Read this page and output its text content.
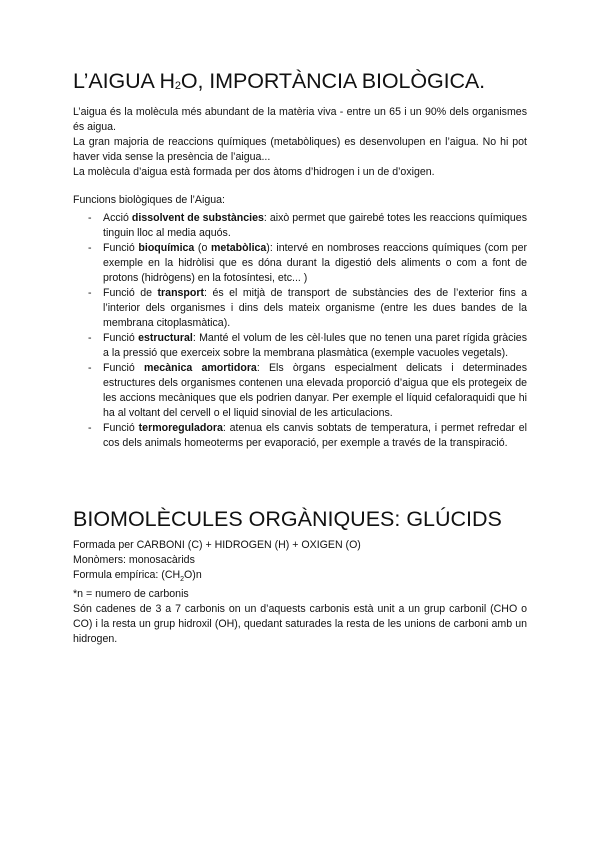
L’AIGUA $H_2O$, IMPORTÀNCIA BIOLÒGICA.

L’aigua és la molècula més abundant de la matèria viva - entre un 65 i un 90% dels organismes és aigua.

La gran majoria de reaccions químiques (metabòliques) es desenvolupen en l’aigua. No hi pot haver vida sense la presència de l’aigua...

La molècula d’aigua està formada per dos àtoms d’hidrogen i un de d’oxigen.

Funcions biològiques de l’Aigua:

- Acció dissolvent de substàncies: això permet que gairebé totes les reaccions químiques tinguin lloc al media aquós.
- Funció bioquímica (o metabòlica): intervé en nombroses reaccions químiques (com per exemple en la hidròlisi que es dóna durant la digestió dels aliments o com a font de protons (hidrògens) en la fotosíntesi, etc... )
- Funció de transport: és el mitjà de transport de substàncies des de l’exterior fins a l’interior dels organismes i dins dels mateix organisme (entre les dues bandes de la membrana citoplasmàtica).
- Funció estructural: Manté el volum de les cèl·lules que no tenen una paret rígida gràcies a la pressió que exerceix sobre la membrana plasmàtica (exemple vacuoles vegetals).
- Funció mecànica amortidora: Els òrgans especialment delicats i determinades estructures dels organismes contenen una elevada proporció d’aigua que els protegeix de les accions mecàniques que els podrien danyar. Per exemple el líquid cefaloraquidi que hi ha al voltant del cervell o el liquid sinovial de les articulacions.
- Funció termoreguladora: atenua els canvis sobtats de temperatura, i permet refredar el cos dels animals homeoterms per evaporació, per exemple a través de la transpiració.
BIOMOLÈCULES ORGÀNIQUES: GLÚCIDS

Formada per CARBONI (C) + HIDROGEN (H) + OXIGEN (O)

Monòmers: monosacàrids

Formula empírica: $(CH_2O)n$

*n = numero de carbonis

Són cadenes de 3 a 7 carbonis on un d’aquests carbonis està unit a un grup carbonil (CHO o CO) i la resta un grup hidroxil (OH), quedant saturades la resta de les unions de carboni amb un hidrogen.
